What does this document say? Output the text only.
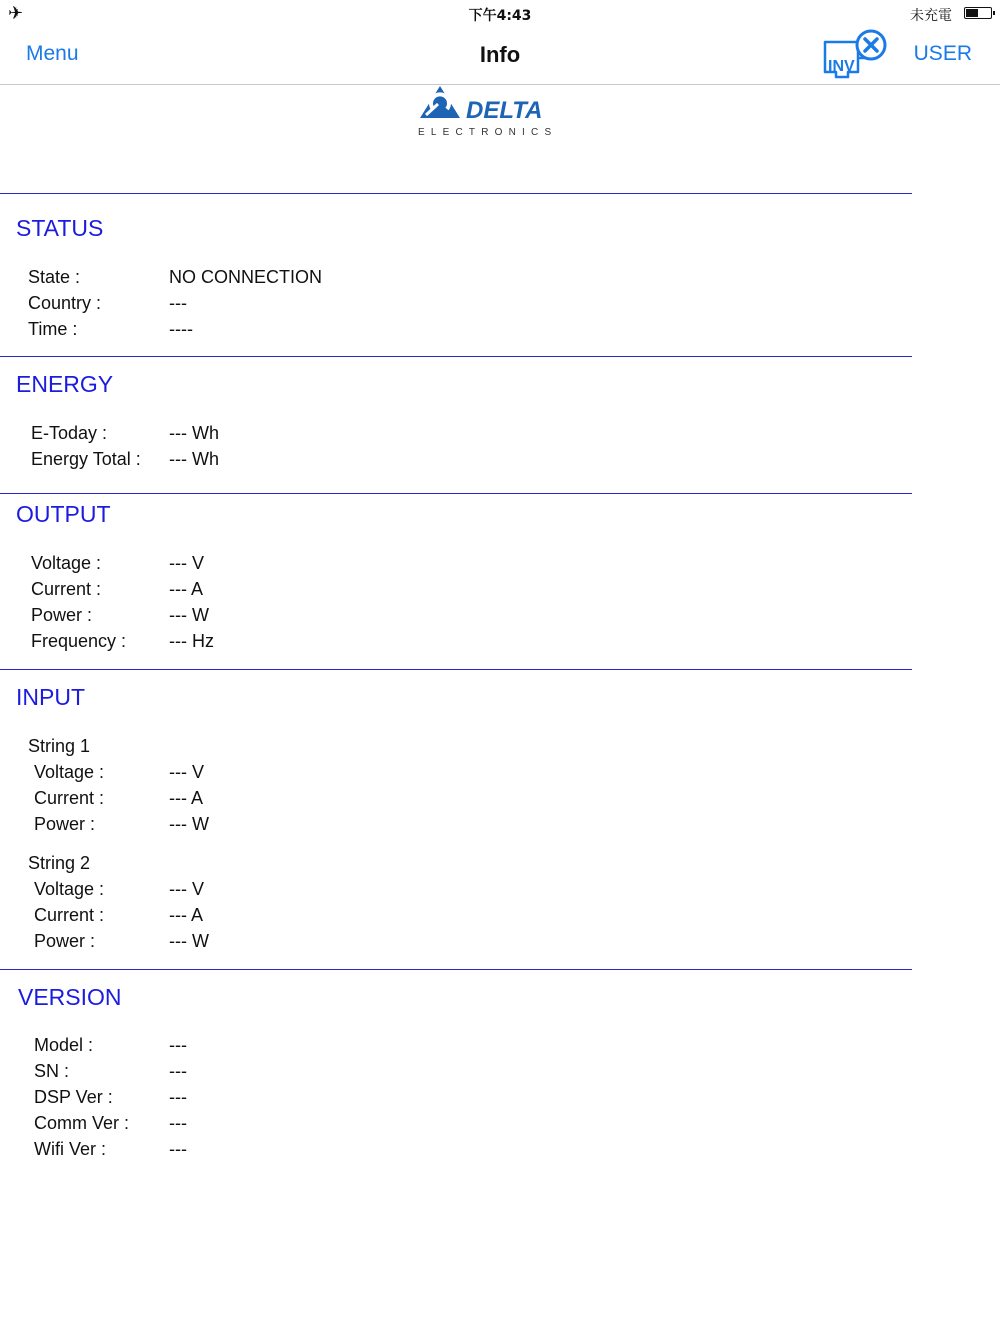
✈	下午4:43	未充電
Menu	Info	INV
USER
DELTA
ELECTRONICS
STATUS
State :	NO CONNECTION
Country :	---
Time :	----
ENERGY
E-Today :	--- Wh
Energy Total : --- Wh
OUTPUT
Voltage :	--- V
Current :	--- A
Power :	--- W
Frequency : --- Hz
INPUT
String 1
Voltage :	--- V
Current :	--- A
Power :	--- W
String 2
Voltage :	--- V
Current :	--- A
Power :	--- W
VERSION
Model :	---
SN :	---
DSP Ver :	---
Comm Ver : ---
Wifi Ver :	---
